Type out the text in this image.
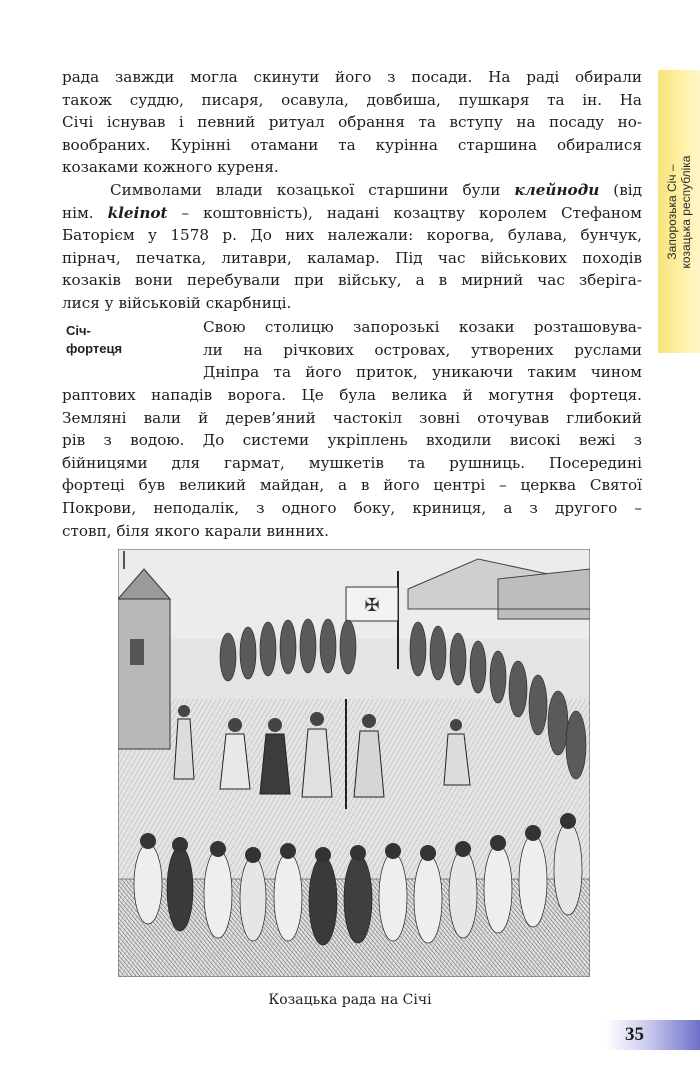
Запорозька Січ – козацька республіка
рада завжди могла скинути його з посади. На раді обирали
також суддю, писаря, осавула, довбиша, пушкаря та ін. На
Січі існував і певний ритуал обрання та вступу на посаду но-
вообраних. Курінні отамани та курінна старшина обиралися
козаками кожного куреня.
Символами влади козацької старшини були клейноди (від
нім. kleinot – коштовність), надані козацтву королем Стефаном
Баторієм у 1578 р. До них належали: корогва, булава, бунчук,
пірнач, печатка, литаври, каламар. Під час військових походів
козаків вони перебували при війську, а в мирний час зберіга-
лися у військовій скарбниці.
Січ-
фортеця
Свою столицю запорозькі козаки розташовува-
ли на річкових островах, утворених руслами
Дніпра та його приток, уникаючи таким чином
раптових нападів ворога. Це була велика й могутня фортеця.
Земляні вали й дерев’яний частокіл зовні оточував глибокий
рів з водою. До системи укріплень входили високі вежі з
бійницями для гармат, мушкетів та рушниць. Посередині
фортеці був великий майдан, а в його центрі – церква Святої
Покрови, неподалік, з одного боку, криниця, а з другого –
стовп, біля якого карали винних.
✠
Козацька рада на Січі
35
